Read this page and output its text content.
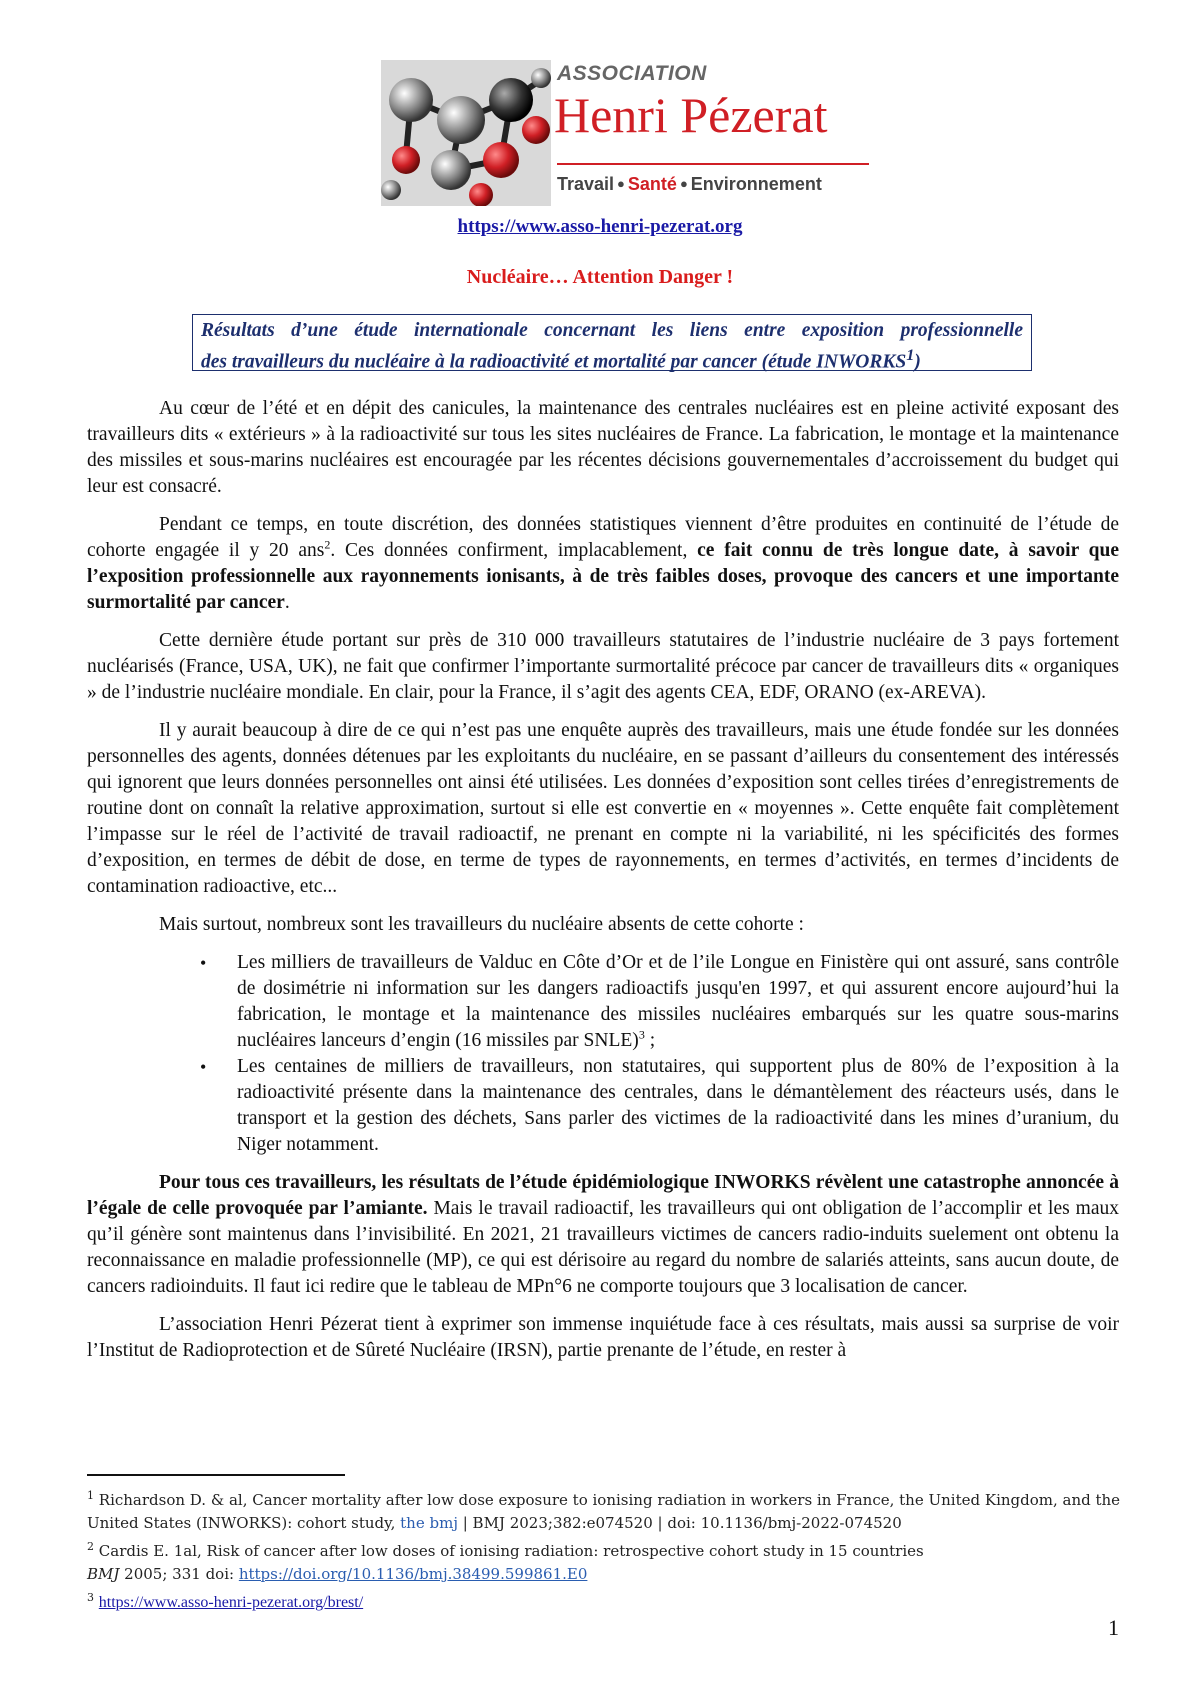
ASSOCIATION
Henri Pézerat
Travail ● Santé ● Environnement
https://www.asso-henri-pezerat.org
Nucléaire… Attention Danger !
Résultats d’une étude internationale concernant les liens entre exposition professionnelle
des travailleurs du nucléaire à la radioactivité et mortalité par cancer (étude INWORKS$^1$)

Au cœur de l’été et en dépit des canicules, la maintenance des centrales nucléaires est en pleine activité exposant des travailleurs dits « extérieurs » à la radioactivité sur tous les sites nucléaires de France. La fabrication, le montage et la maintenance des missiles et sous-marins nucléaires est encouragée par les récentes décisions gouvernementales d’accroissement du budget qui leur est consacré.

Pendant ce temps, en toute discrétion, des données statistiques viennent d’être produites en continuité de l’étude de cohorte engagée il y 20 ans$^2$. Ces données confirment, implacablement, ce fait connu de très longue date, à savoir que l’exposition professionnelle aux rayonnements ionisants, à de très faibles doses, provoque des cancers et une importante surmortalité par cancer.

Cette dernière étude portant sur près de 310 000 travailleurs statutaires de l’industrie nucléaire de 3 pays fortement nucléarisés (France, USA, UK), ne fait que confirmer l’importante surmortalité précoce par cancer de travailleurs dits « organiques » de l’industrie nucléaire mondiale. En clair, pour la France, il s’agit des agents CEA, EDF, ORANO (ex-AREVA).

Il y aurait beaucoup à dire de ce qui n’est pas une enquête auprès des travailleurs, mais une étude fondée sur les données personnelles des agents, données détenues par les exploitants du nucléaire, en se passant d’ailleurs du consentement des intéressés qui ignorent que leurs données personnelles ont ainsi été utilisées. Les données d’exposition sont celles tirées d’enregistrements de routine dont on connaît la relative approximation, surtout si elle est convertie en « moyennes ». Cette enquête fait complètement l’impasse sur le réel de l’activité de travail radioactif, ne prenant en compte ni la variabilité, ni les spécificités des formes d’exposition, en termes de débit de dose, en terme de types de rayonnements, en termes d’activités, en termes d’incidents de contamination radioactive, etc...

Mais surtout, nombreux sont les travailleurs du nucléaire absents de cette cohorte :

• Les milliers de travailleurs de Valduc en Côte d’Or et de l’ile Longue en Finistère qui ont assuré, sans contrôle de dosimétrie ni information sur les dangers radioactifs jusqu'en 1997, et qui assurent encore aujourd’hui la fabrication, le montage et la maintenance des missiles nucléaires embarqués sur les quatre sous-marins nucléaires lanceurs d’engin (16 missiles par SNLE)$^3$ ;
• Les centaines de milliers de travailleurs, non statutaires, qui supportent plus de 80% de l’exposition à la radioactivité présente dans la maintenance des centrales, dans le démantèlement des réacteurs usés, dans le transport et la gestion des déchets, Sans parler des victimes de la radioactivité dans les mines d’uranium, du Niger notamment.

Pour tous ces travailleurs, les résultats de l’étude épidémiologique INWORKS révèlent une catastrophe annoncée à l’égale de celle provoquée par l’amiante. Mais le travail radioactif, les travailleurs qui ont obligation de l’accomplir et les maux qu’il génère sont maintenus dans l’invisibilité. En 2021, 21 travailleurs victimes de cancers radio-induits suelement ont obtenu la reconnaissance en maladie professionnelle (MP), ce qui est dérisoire au regard du nombre de salariés atteints, sans aucun doute, de cancers radioinduits. Il faut ici redire que le tableau de MPn°6 ne comporte toujours que 3 localisation de cancer.

L’association Henri Pézerat tient à exprimer son immense inquiétude face à ces résultats, mais aussi sa surprise de voir l’Institut de Radioprotection et de Sûreté Nucléaire (IRSN), partie prenante de l’étude, en rester à

$^1$ Richardson D. & al, Cancer mortality after low dose exposure to ionising radiation in workers in France, the United Kingdom, and the United States (INWORKS): cohort study, the bmj | BMJ 2023;382:e074520 | doi: 10.1136/bmj-2022-074520

$^2$ Cardis E. 1al, Risk of cancer after low doses of ionising radiation: retrospective cohort study in 15 countries

BMJ 2005; 331 doi: https://doi.org/10.1136/bmj.38499.599861.E0

$^3$ https://www.asso-henri-pezerat.org/brest/

1
